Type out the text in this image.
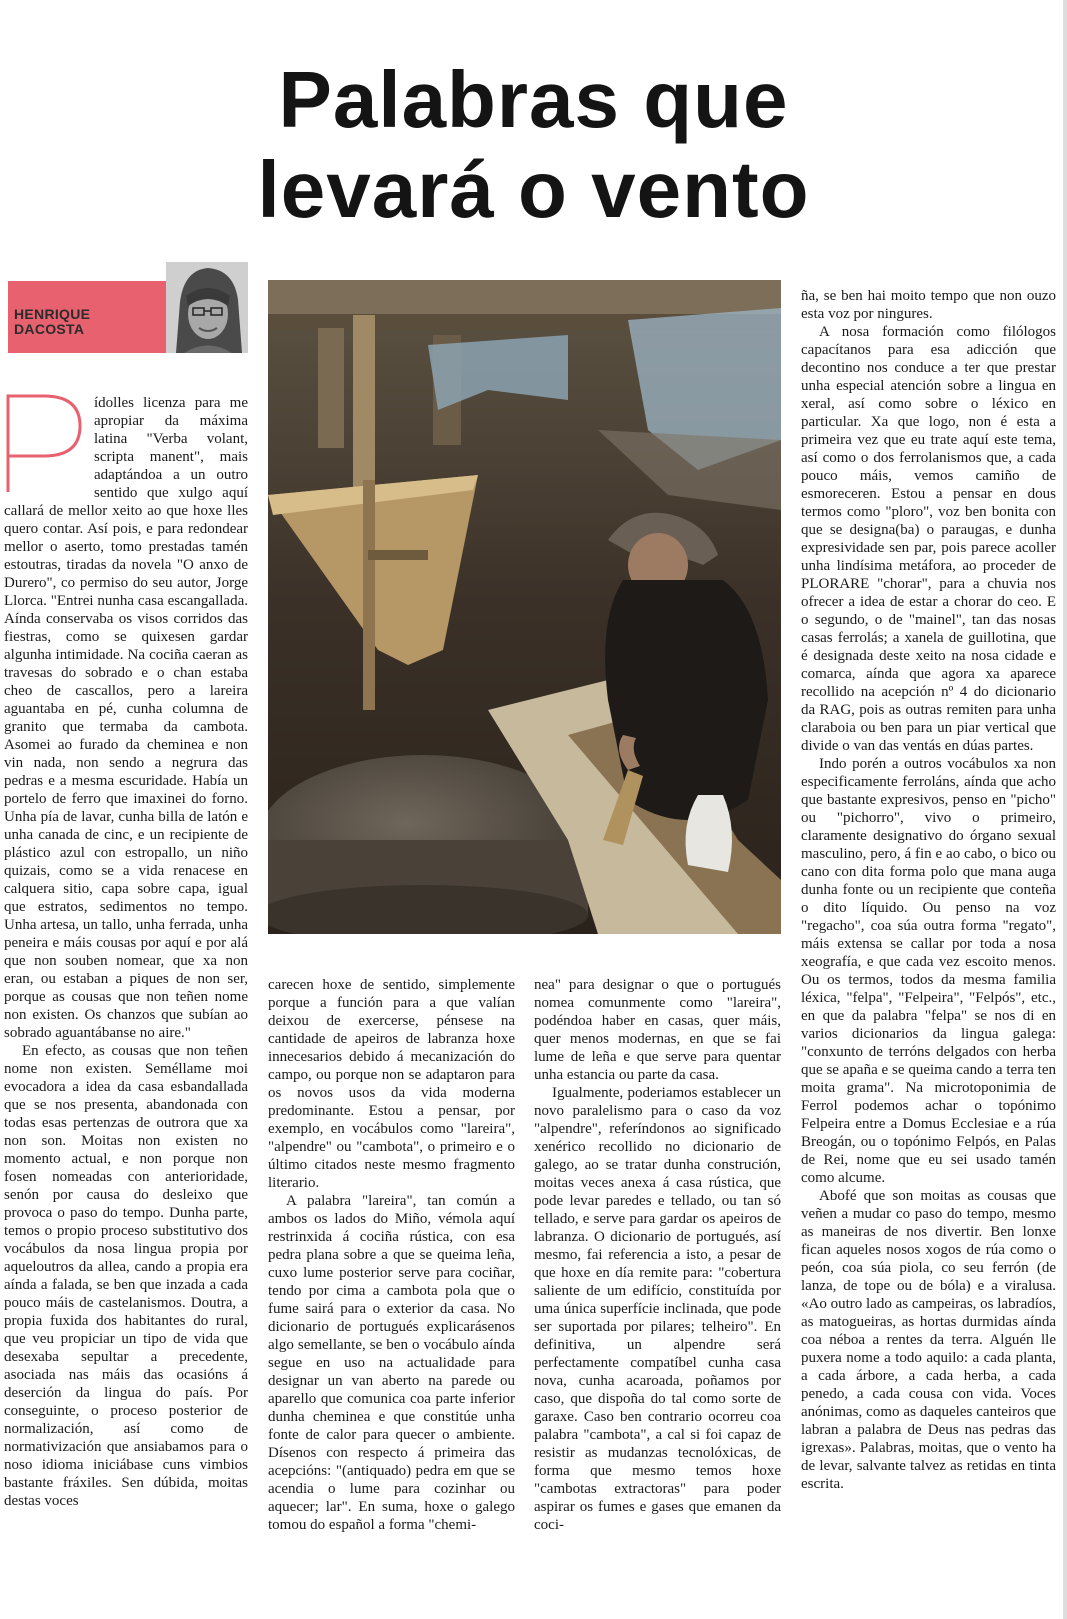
Palabras que
levará o vento
HENRIQUE
DACOSTA

ídolles licenza para me apropiar da máxima latina "Verba volant, scripta manent", mais adaptándoa a un outro sentido que xulgo aquí callará de mellor xeito ao que hoxe lles quero contar. Así pois, e para redondear mellor o aserto, tomo prestadas tamén estoutras, tiradas da novela "O anxo de Durero", co permiso do seu autor, Jorge Llorca. "Entrei nunha casa escangallada. Aínda conservaba os visos corridos das fiestras, como se quixesen gardar algunha intimidade. Na cociña caeran as travesas do sobrado e o chan estaba cheo de cascallos, pero a lareira aguantaba en pé, cunha columna de granito que termaba da cambota. Asomei ao furado da cheminea e non vin nada, non sendo a negrura das pedras e a mesma escuridade. Había un portelo de ferro que imaxinei do forno. Unha pía de lavar, cunha billa de latón e unha canada de cinc, e un recipiente de plástico azul con estropallo, un niño quizais, como se a vida renacese en calquera sitio, capa sobre capa, igual que estratos, sedimentos no tempo. Unha artesa, un tallo, unha ferrada, unha peneira e máis cousas por aquí e por alá que non souben nomear, que xa non eran, ou estaban a piques de non ser, porque as cousas que non teñen nome non existen. Os chanzos que subían ao sobrado aguantábanse no aire."

En efecto, as cousas que non teñen nome non existen. Seméllame moi evocadora a idea da casa esbandallada que se nos presenta, abandonada con todas esas pertenzas de outrora que xa non son. Moitas non existen no momento actual, e non porque non fosen nomeadas con anterioridade, senón por causa do desleixo que provoca o paso do tempo. Dunha parte, temos o propio proceso substitutivo dos vocábulos da nosa lingua propia por aqueloutros da allea, cando a propia era aínda a falada, se ben que inzada a cada pouco máis de castelanismos. Doutra, a propia fuxida dos habitantes do rural, que veu propiciar un tipo de vida que desexaba sepultar a precedente, asociada nas máis das ocasións á deserción da lingua do país. Por conseguinte, o proceso posterior de normalización, así como de normativización que ansiabamos para o noso idioma iniciábase cuns vimbios bastante fráxiles. Sen dúbida, moitas destas voces

carecen hoxe de sentido, simplemente porque a función para a que valían deixou de exercerse, pénsese na cantidade de apeiros de labranza hoxe innecesarios debido á mecanización do campo, ou porque non se adaptaron para os novos usos da vida moderna predominante. Estou a pensar, por exemplo, en vocábulos como "lareira", "alpendre" ou "cambota", o primeiro e o último citados neste mesmo fragmento literario.

A palabra "lareira", tan común a ambos os lados do Miño, vémola aquí restrinxida á cociña rústica, con esa pedra plana sobre a que se queima leña, cuxo lume posterior serve para cociñar, tendo por cima a cambota pola que o fume sairá para o exterior da casa. No dicionario de portugués explicarásenos algo semellante, se ben o vocábulo aínda segue en uso na actualidade para designar un van aberto na parede ou aparello que comunica coa parte inferior dunha cheminea e que constitúe unha fonte de calor para quecer o ambiente. Dísenos con respecto á primeira das acepcións: "(antiquado) pedra em que se acendia o lume para cozinhar ou aquecer; lar". En suma, hoxe o galego tomou do español a forma "chemi-

nea" para designar o que o portugués nomea comunmente como "lareira", podéndoa haber en casas, quer máis, quer menos modernas, en que se fai lume de leña e que serve para quentar unha estancia ou parte da casa.

Igualmente, poderiamos establecer un novo paralelismo para o caso da voz "alpendre", referíndonos ao significado xenérico recollido no dicionario de galego, ao se tratar dunha construción, moitas veces anexa á casa rústica, que pode levar paredes e tellado, ou tan só tellado, e serve para gardar os apeiros de labranza. O dicionario de portugués, así mesmo, fai referencia a isto, a pesar de que hoxe en día remite para: "cobertura saliente de um edifício, constituída por uma única superfície inclinada, que pode ser suportada por pilares; telheiro". En definitiva, un alpendre será perfectamente compatíbel cunha casa nova, cunha acaroada, poñamos por caso, que dispoña do tal como sorte de garaxe. Caso ben contrario ocorreu coa palabra "cambota", a cal si foi capaz de resistir as mudanzas tecnolóxicas, de forma que mesmo temos hoxe "cambotas extractoras" para poder aspirar os fumes e gases que emanen da coci-

ña, se ben hai moito tempo que non ouzo esta voz por ningures.

A nosa formación como filólogos capacítanos para esa adicción que decontino nos conduce a ter que prestar unha especial atención sobre a lingua en xeral, así como sobre o léxico en particular. Xa que logo, non é esta a primeira vez que eu trate aquí este tema, así como o dos ferrolanismos que, a cada pouco máis, vemos camiño de esmoreceren. Estou a pensar en dous termos como "ploro", voz ben bonita con que se designa(ba) o paraugas, e dunha expresividade sen par, pois parece acoller unha lindísima metáfora, ao proceder de PLORARE "chorar", para a chuvia nos ofrecer a idea de estar a chorar do ceo. E o segundo, o de "mainel", tan das nosas casas ferrolás; a xanela de guillotina, que é designada deste xeito na nosa cidade e comarca, aínda que agora xa aparece recollido na acepción nº 4 do dicionario da RAG, pois as outras remiten para unha claraboia ou ben para un piar vertical que divide o van das ventás en dúas partes.

Indo porén a outros vocábulos xa non especificamente ferroláns, aínda que acho que bastante expresivos, penso en "picho" ou "pichorro", vivo o primeiro, claramente designativo do órgano sexual masculino, pero, á fin e ao cabo, o bico ou cano con dita forma polo que mana auga dunha fonte ou un recipiente que conteña o dito líquido. Ou penso na voz "regacho", coa súa outra forma "regato", máis extensa se callar por toda a nosa xeografía, e que cada vez escoito menos. Ou os termos, todos da mesma familia léxica, "felpa", "Felpeira", "Felpós", etc., en que da palabra "felpa" se nos di en varios dicionarios da lingua galega: "conxunto de terróns delgados con herba que se apaña e se queima cando a terra ten moita grama". Na microtoponimia de Ferrol podemos achar o topónimo Felpeira entre a Domus Ecclesiae e a rúa Breogán, ou o topónimo Felpós, en Palas de Rei, nome que eu sei usado tamén como alcume.

Abofé que son moitas as cousas que veñen a mudar co paso do tempo, mesmo as maneiras de nos divertir. Ben lonxe fican aqueles nosos xogos de rúa como o peón, coa súa piola, co seu ferrón (de lanza, de tope ou de bóla) e a viralusa. «Ao outro lado as campeiras, os labradíos, as matogueiras, as hortas durmidas aínda coa néboa a rentes da terra. Alguén lle puxera nome a todo aquilo: a cada planta, a cada árbore, a cada herba, a cada penedo, a cada cousa con vida. Voces anónimas, como as daqueles canteiros que labran a palabra de Deus nas pedras das igrexas». Palabras, moitas, que o vento ha de levar, salvante talvez as retidas en tinta escrita.
